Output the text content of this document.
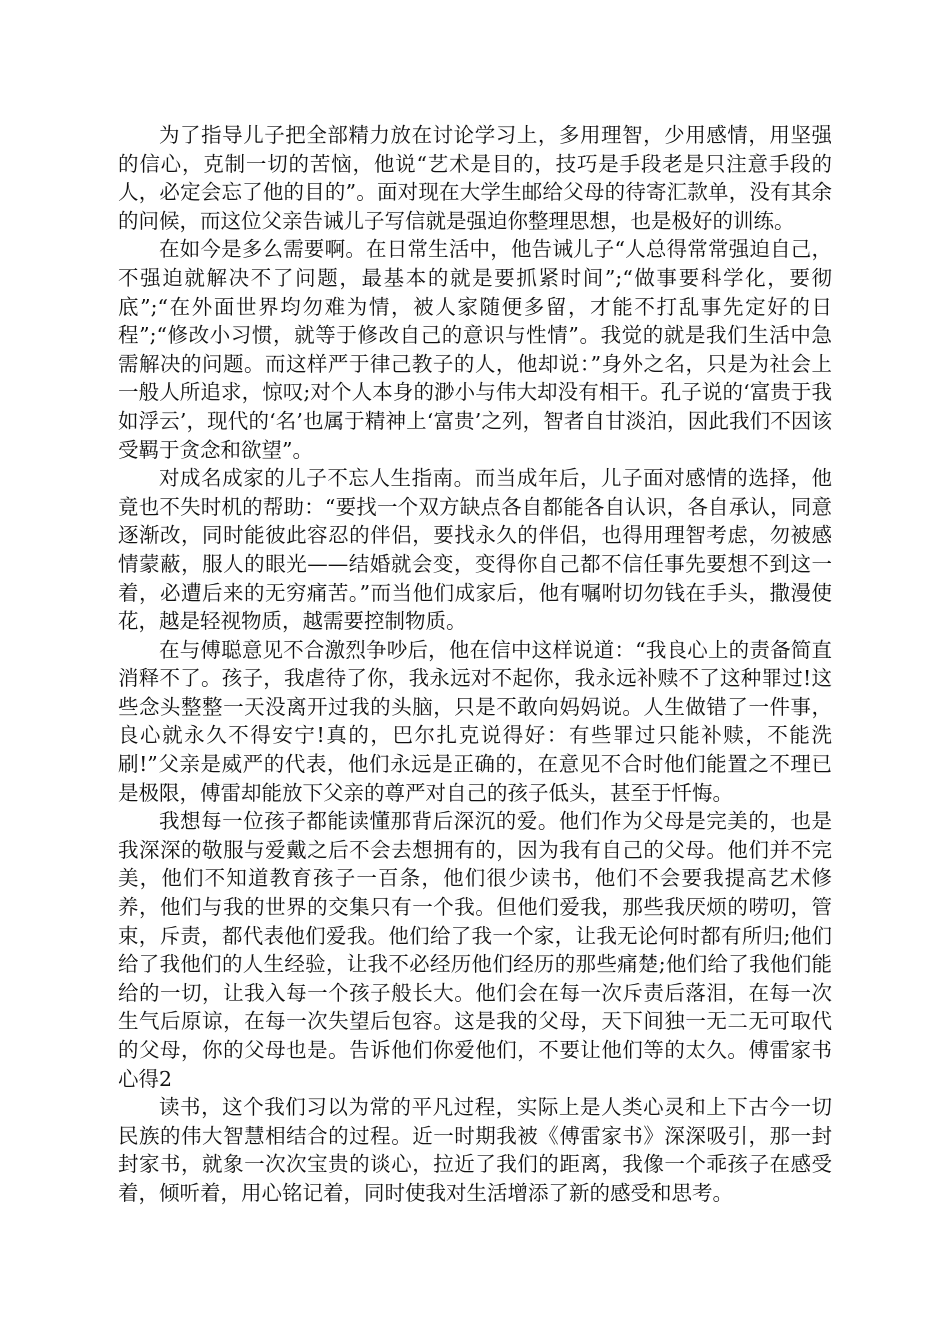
为了指导儿子把全部精力放在讨论学习上，多用理智，少用感情，用坚强的信心，克制一切的苦恼，他说“艺术是目的，技巧是手段老是只注意手段的人，必定会忘了他的目的”。面对现在大学生邮给父母的待寄汇款单，没有其余的问候，而这位父亲告诫儿子写信就是强迫你整理思想，也是极好的训练。

在如今是多么需要啊。在日常生活中，他告诫儿子“人总得常常强迫自己，不强迫就解决不了问题，最基本的就是要抓紧时间”;“做事要科学化，要彻底”;“在外面世界均勿难为情，被人家随便多留，才能不打乱事先定好的日程”;“修改小习惯，就等于修改自己的意识与性情”。我觉的就是我们生活中急需解决的问题。而这样严于律己教子的人，他却说：”身外之名，只是为社会上一般人所追求，惊叹;对个人本身的渺小与伟大却没有相干。孔子说的‘富贵于我如浮云’，现代的‘名’也属于精神上‘富贵’之列，智者自甘淡泊，因此我们不因该受羁于贪念和欲望”。

对成名成家的儿子不忘人生指南。而当成年后，儿子面对感情的选择，他竟也不失时机的帮助：“要找一个双方缺点各自都能各自认识，各自承认，同意逐渐改，同时能彼此容忍的伴侣，要找永久的伴侣，也得用理智考虑，勿被感情蒙蔽，服人的眼光——结婚就会变，变得你自己都不信任事先要想不到这一着，必遭后来的无穷痛苦。”而当他们成家后，他有嘱咐切勿钱在手头，撒漫使花，越是轻视物质，越需要控制物质。

在与傅聪意见不合激烈争吵后，他在信中这样说道：“我良心上的责备简直消释不了。孩子，我虐待了你，我永远对不起你，我永远补赎不了这种罪过!这些念头整整一天没离开过我的头脑，只是不敢向妈妈说。人生做错了一件事，良心就永久不得安宁!真的，巴尔扎克说得好：有些罪过只能补赎，不能洗刷!”父亲是威严的代表，他们永远是正确的，在意见不合时他们能置之不理已是极限，傅雷却能放下父亲的尊严对自己的孩子低头，甚至于忏悔。

我想每一位孩子都能读懂那背后深沉的爱。他们作为父母是完美的，也是我深深的敬服与爱戴之后不会去想拥有的，因为我有自己的父母。他们并不完美，他们不知道教育孩子一百条，他们很少读书，他们不会要我提高艺术修养，他们与我的世界的交集只有一个我。但他们爱我，那些我厌烦的唠叨，管束，斥责，都代表他们爱我。他们给了我一个家，让我无论何时都有所归;他们给了我他们的人生经验，让我不必经历他们经历的那些痛楚;他们给了我他们能给的一切，让我入每一个孩子般长大。他们会在每一次斥责后落泪，在每一次生气后原谅，在每一次失望后包容。这是我的父母，天下间独一无二无可取代的父母，你的父母也是。告诉他们你爱他们，不要让他们等的太久。傅雷家书心得2

读书，这个我们习以为常的平凡过程，实际上是人类心灵和上下古今一切民族的伟大智慧相结合的过程。近一时期我被《傅雷家书》深深吸引，那一封封家书，就象一次次宝贵的谈心，拉近了我们的距离，我像一个乖孩子在感受着，倾听着，用心铭记着，同时使我对生活增添了新的感受和思考。
